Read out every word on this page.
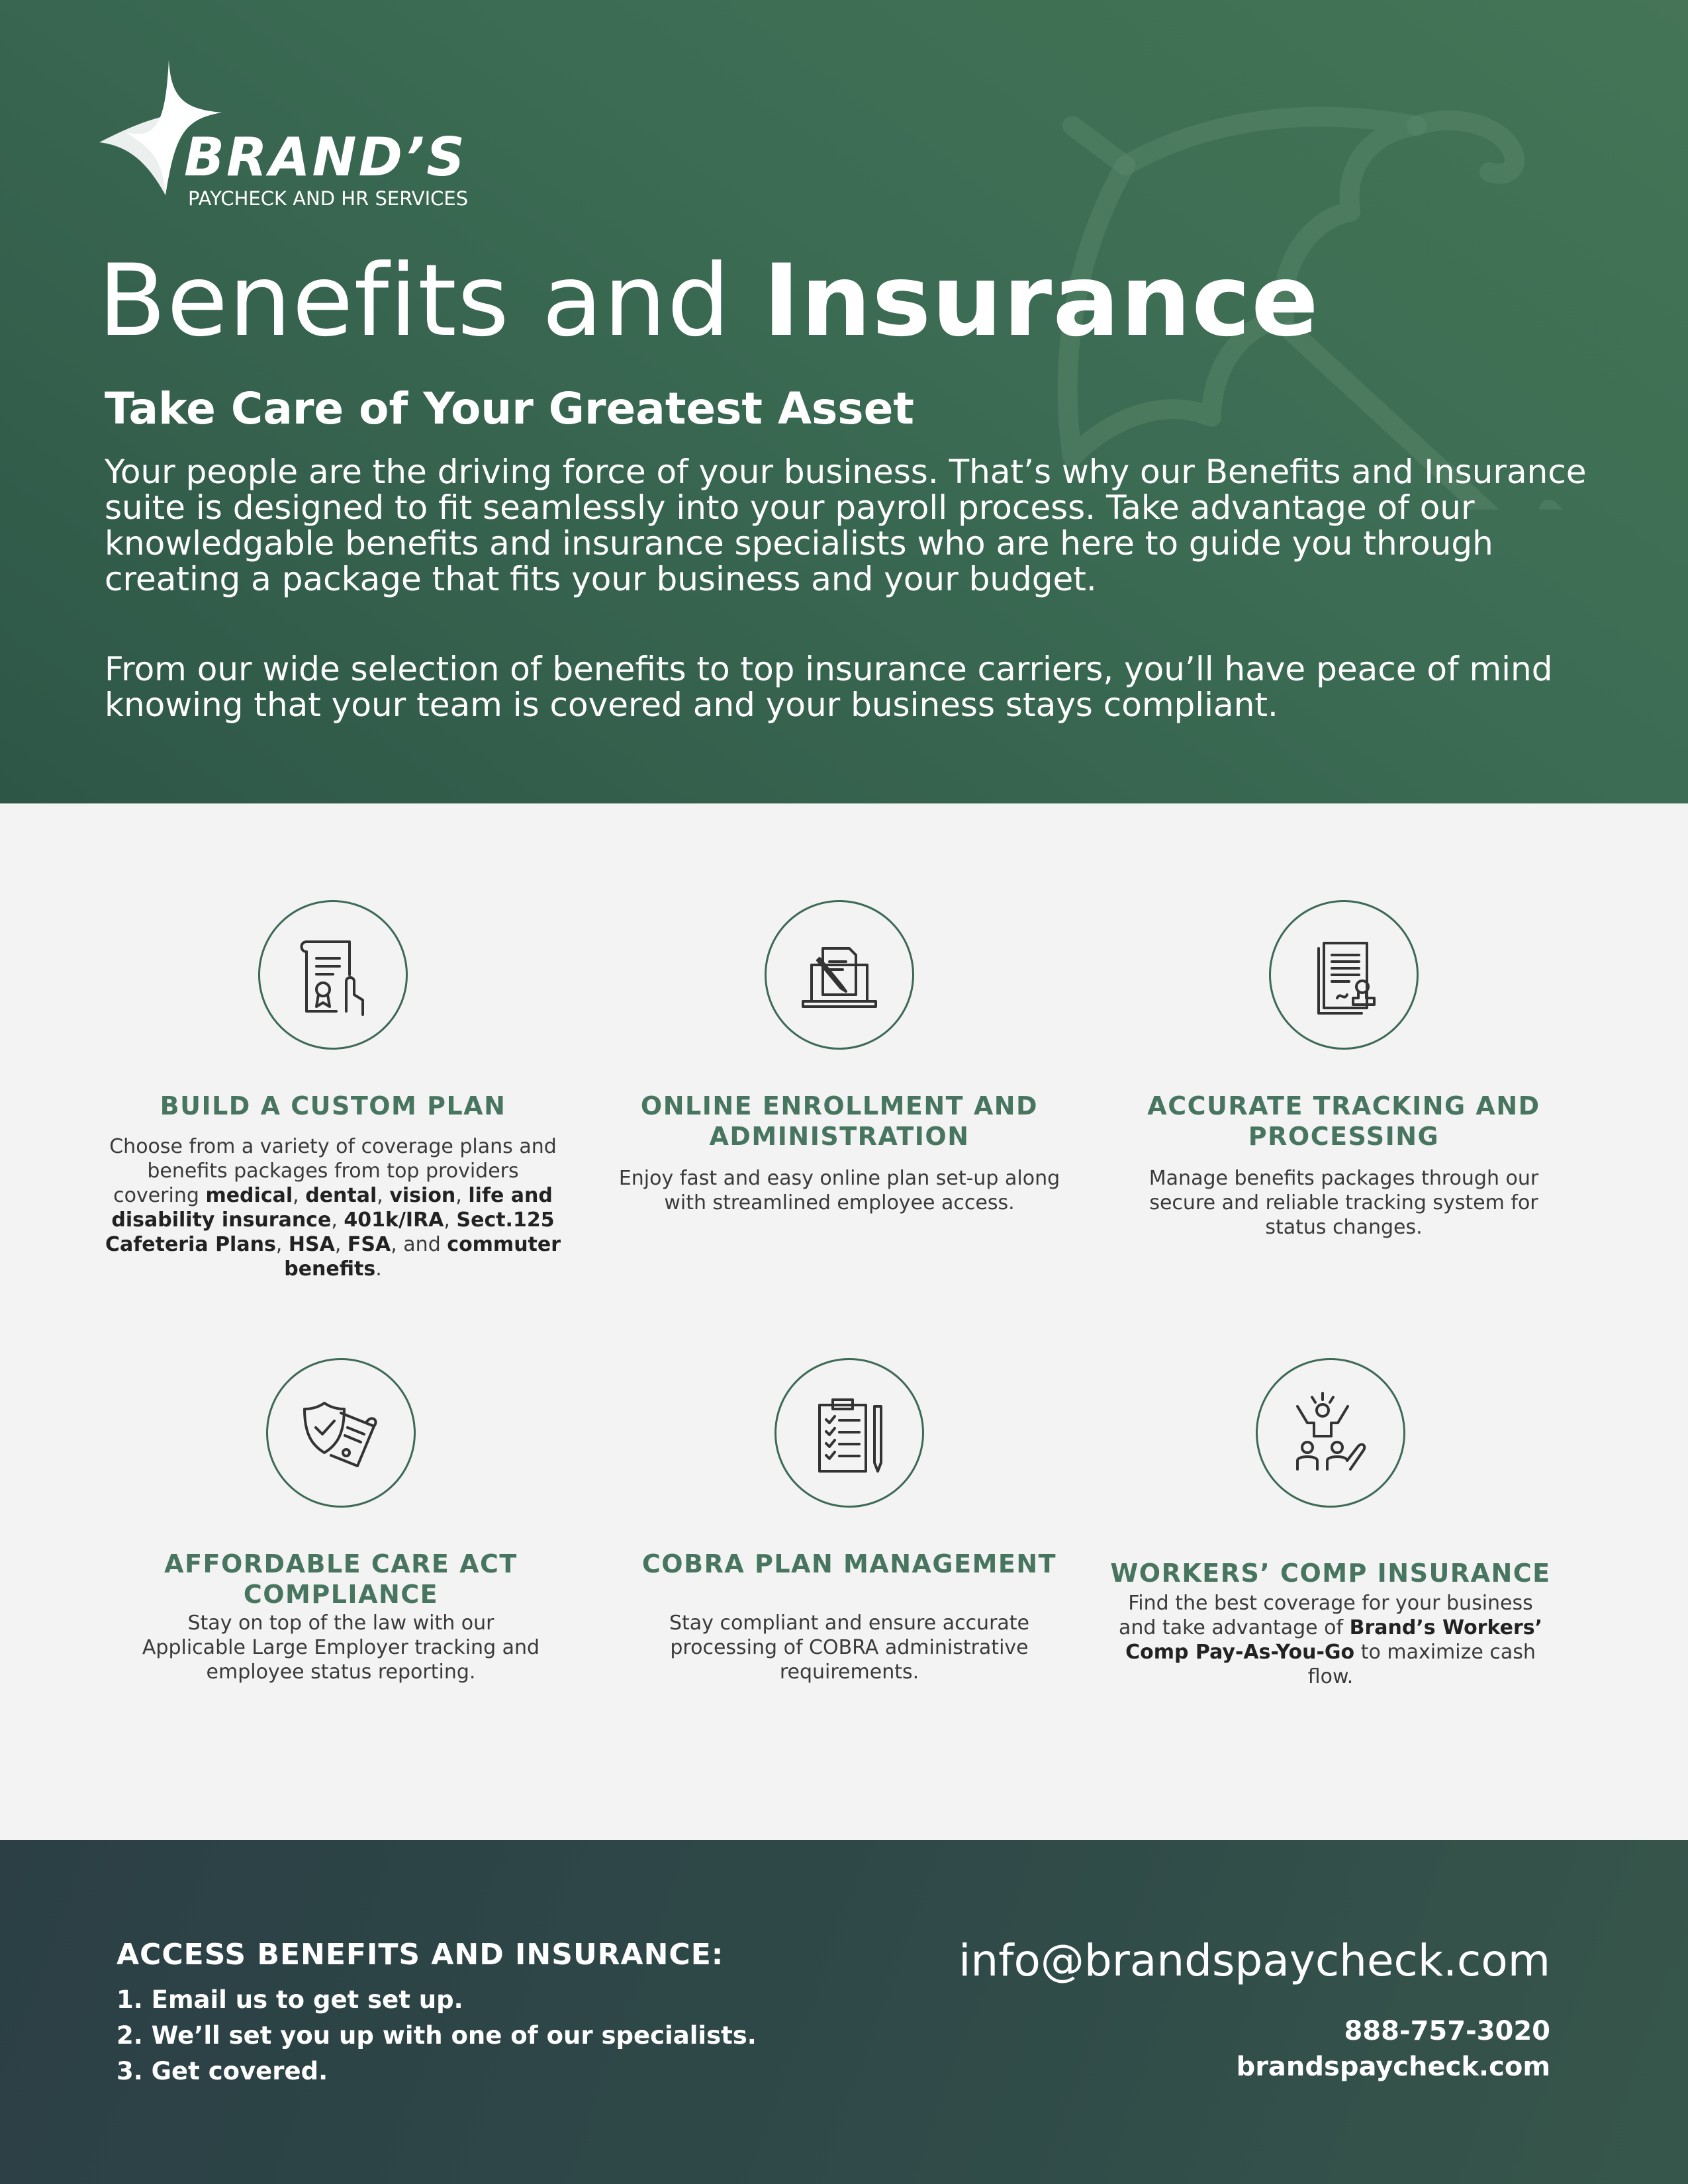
BRAND’S
PAYCHECK AND HR SERVICES
Benefits and Insurance
Take Care of Your Greatest Asset

Your people are the driving force of your business. That’s why our Benefits and Insurance suite is designed to fit seamlessly into your payroll process. Take advantage of our knowledgable benefits and insurance specialists who are here to guide you through creating a package that fits your business and your budget.

From our wide selection of benefits to top insurance carriers, you’ll have peace of mind knowing that your team is covered and your business stays compliant.

BUILD A CUSTOM PLAN

Choose from a variety of coverage plans and benefits packages from top providers covering medical, dental, vision, life and disability insurance, 401k/IRA, Sect.125 Cafeteria Plans, HSA, FSA, and commuter benefits.

ONLINE ENROLLMENT AND ADMINISTRATION

Enjoy fast and easy online plan set-up along with streamlined employee access.

ACCURATE TRACKING AND PROCESSING

Manage benefits packages through our secure and reliable tracking system for status changes.

AFFORDABLE CARE ACT COMPLIANCE

Stay on top of the law with our Applicable Large Employer tracking and employee status reporting.

COBRA PLAN MANAGEMENT

Stay compliant and ensure accurate processing of COBRA administrative requirements.

WORKERS’ COMP INSURANCE

Find the best coverage for your business and take advantage of Brand’s Workers’ Comp Pay-As-You-Go to maximize cash flow.

ACCESS BENEFITS AND INSURANCE:
1. Email us to get set up.
2. We’ll set you up with one of our specialists.
3. Get covered.
info@brandspaycheck.com
888-757-3020
brandspaycheck.com
